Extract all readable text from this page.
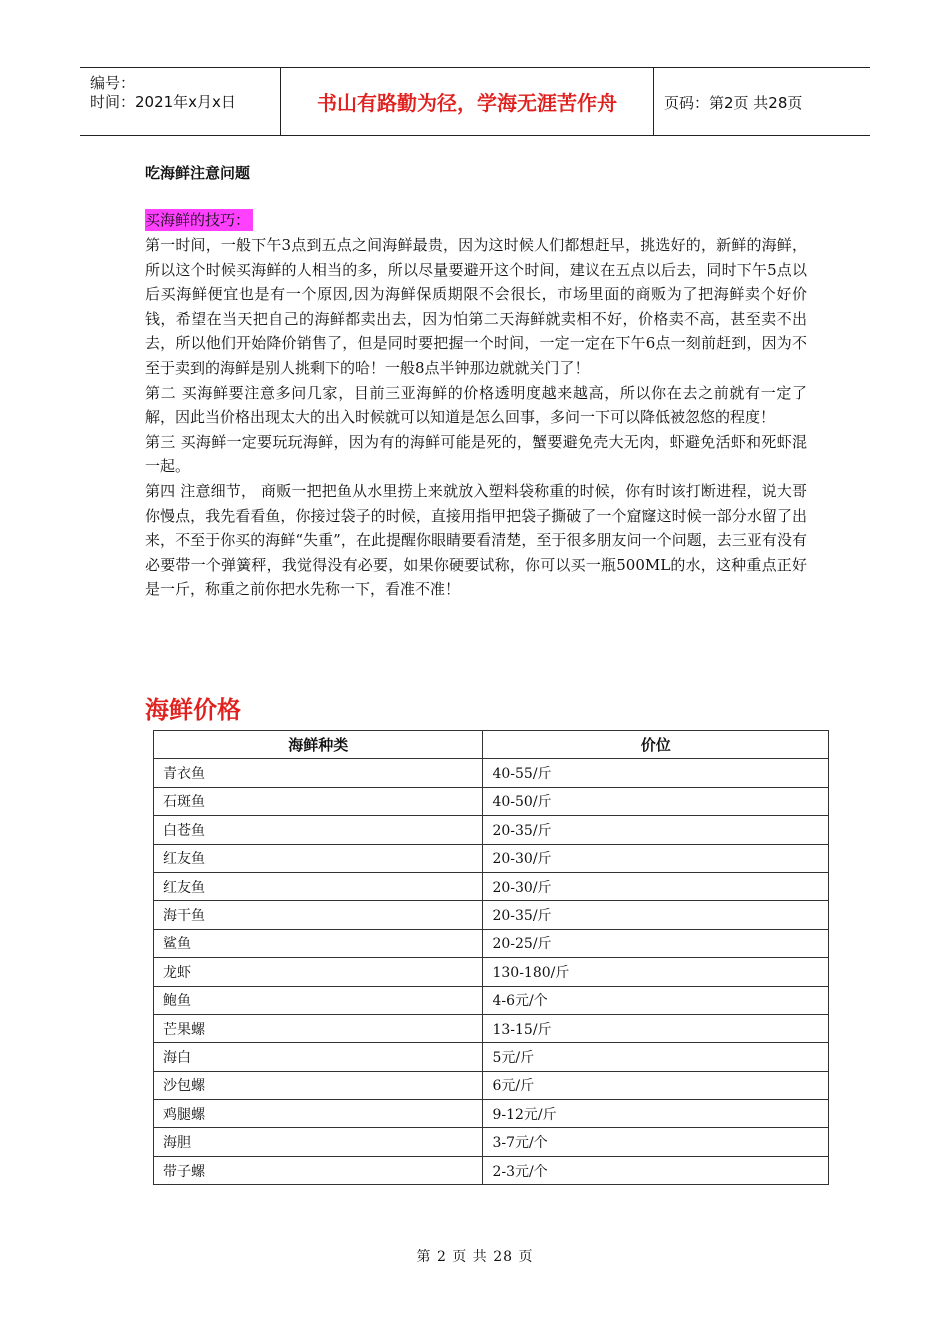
编号：
时间：2021年x月x日	书山有路勤为径，学海无涯苦作舟	页码：第2页 共28页
吃海鲜注意问题
买海鲜的技巧：

第一时间，一般下午3点到五点之间海鲜最贵，因为这时候人们都想赶早，挑选好的，新鲜的海鲜，所以这个时候买海鲜的人相当的多，所以尽量要避开这个时间，建议在五点以后去，同时下午5点以后买海鲜便宜也是有一个原因,因为海鲜保质期限不会很长，市场里面的商贩为了把海鲜卖个好价钱，希望在当天把自己的海鲜都卖出去，因为怕第二天海鲜就卖相不好，价格卖不高，甚至卖不出去，所以他们开始降价销售了，但是同时要把握一个时间，一定一定在下午6点一刻前赶到，因为不至于卖到的海鲜是别人挑剩下的哈！一般8点半钟那边就就关门了！

第二 买海鲜要注意多问几家，目前三亚海鲜的价格透明度越来越高，所以你在去之前就有一定了解，因此当价格出现太大的出入时候就可以知道是怎么回事，多问一下可以降低被忽悠的程度！

第三 买海鲜一定要玩玩海鲜，因为有的海鲜可能是死的，蟹要避免壳大无肉，虾避免活虾和死虾混一起。

第四 注意细节， 商贩一把把鱼从水里捞上来就放入塑料袋称重的时候，你有时该打断进程，说大哥你慢点，我先看看鱼，你接过袋子的时候，直接用指甲把袋子撕破了一个窟窿这时候一部分水留了出来，不至于你买的海鲜“失重”，在此提醒你眼睛要看清楚，至于很多朋友问一个问题，去三亚有没有必要带一个弹簧秤，我觉得没有必要，如果你硬要试称，你可以买一瓶500ML的水，这种重点正好是一斤，称重之前你把水先称一下，看准不准！

海鲜价格
海鲜种类	价位
青衣鱼	40-55/斤
石斑鱼	40-50/斤
白苍鱼	20-35/斤
红友鱼	20-30/斤
红友鱼	20-30/斤
海干鱼	20-35/斤
鲨鱼	20-25/斤
龙虾	130-180/斤
鲍鱼	4-6元/个
芒果螺	13-15/斤
海白	5元/斤
沙包螺	6元/斤
鸡腿螺	9-12元/斤
海胆	3-7元/个
带子螺	2-3元/个
第 2 页 共 28 页
